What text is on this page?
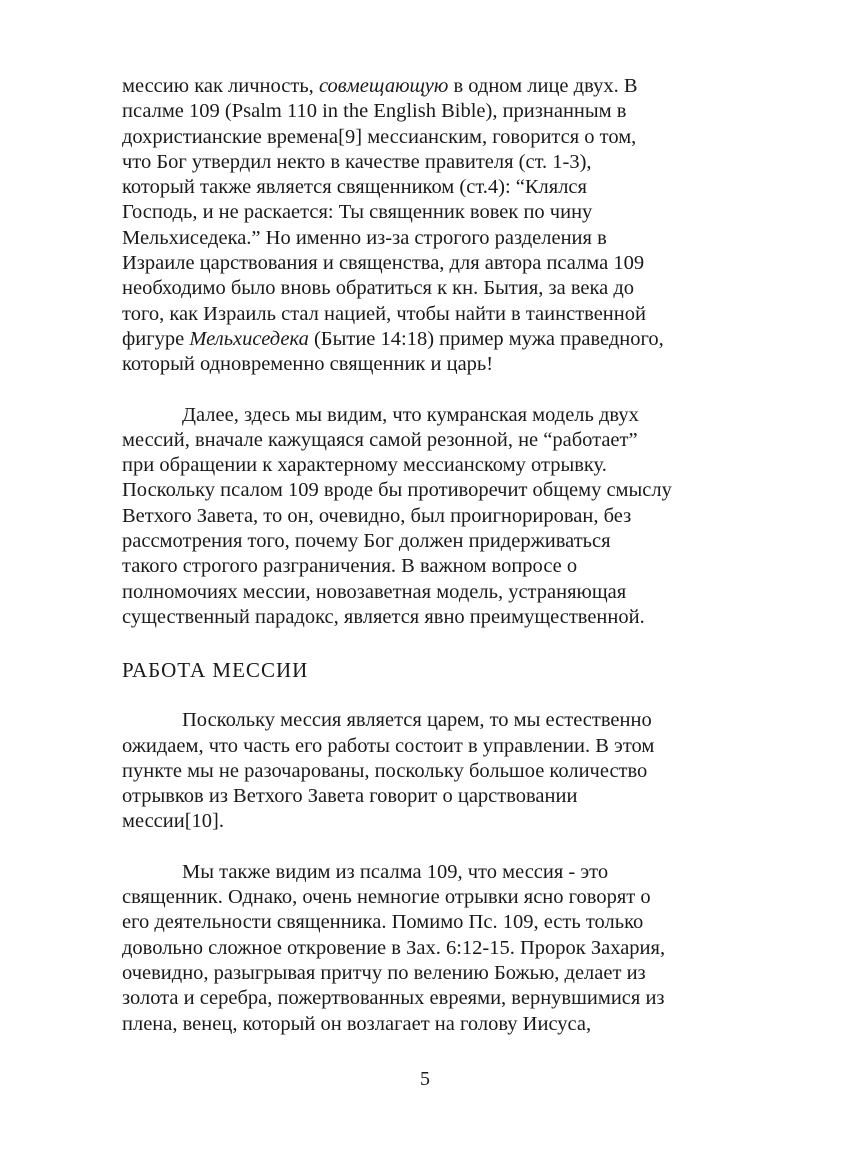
мессию как личность, совмещающую в одном лице двух. В
псалме 109 (Psalm 110 in the English Bible), признанным в
дохристианские времена[9] мессианским, говорится о том,
что Бог утвердил некто в качестве правителя (ст. 1-3),
который также является священником (ст.4): “Клялся
Господь, и не раскается: Ты священник вовек по чину
Мельхиседека.” Но именно из-за строгого разделения в
Израиле царствования и священства, для автора псалма 109
необходимо было вновь обратиться к кн. Бытия, за века до
того, как Израиль стал нацией, чтобы найти в таинственной
фигуре Мельхиседека (Бытие 14:18) пример мужа праведного,
который одновременно священник и царь!
Далее, здесь мы видим, что кумранская модель двух
мессий, вначале кажущаяся самой резонной, не “работает”
при обращении к характерному мессианскому отрывку.
Поскольку псалом 109 вроде бы противоречит общему смыслу
Ветхого Завета, то он, очевидно, был проигнорирован, без
рассмотрения того, почему Бог должен придерживаться
такого строгого разграничения. В важном вопросе о
полномочиях мессии, новозаветная модель, устраняющая
существенный парадокс, является явно преимущественной.
РАБОТА МЕССИИ
Поскольку мессия является царем, то мы естественно
ожидаем, что часть его работы состоит в управлении. В этом
пункте мы не разочарованы, поскольку большое количество
отрывков из Ветхого Завета говорит о царствовании
мессии[10].
Мы также видим из псалма 109, что мессия - это
священник. Однако, очень немногие отрывки ясно говорят о
его деятельности священника. Помимо Пс. 109, есть только
довольно сложное откровение в Зах. 6:12-15. Пророк Захария,
очевидно, разыгрывая притчу по велению Божью, делает из
золота и серебра, пожертвованных евреями, вернувшимися из
плена, венец, который он возлагает на голову Иисуса,
5
